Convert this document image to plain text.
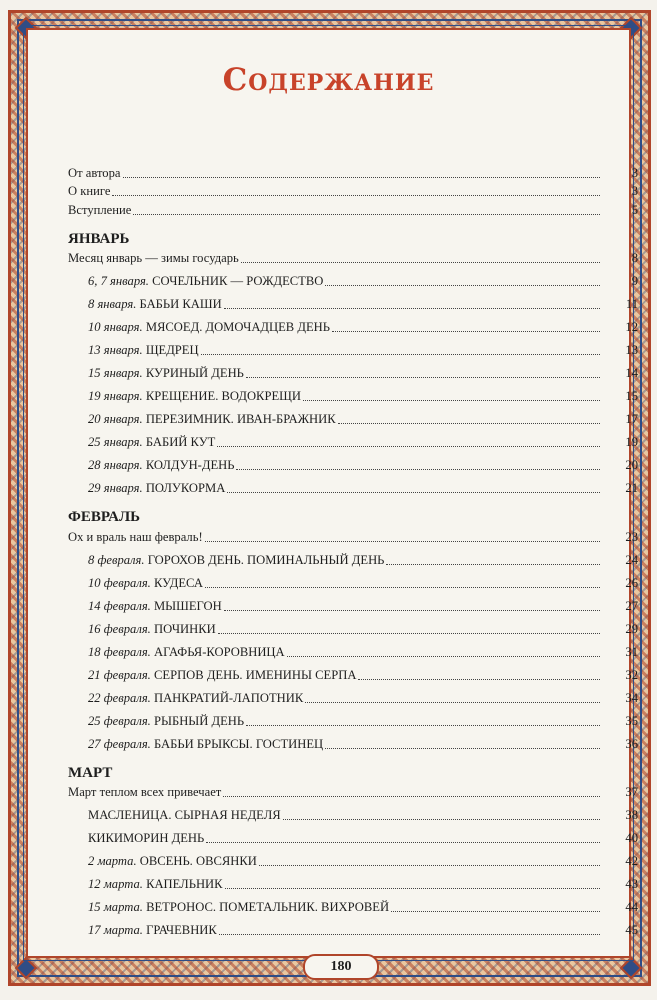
Содержание
От автора	3
О книге	3
Вступление	5
ЯНВАРЬ
Месяц январь — зимы государь	8
6, 7 января. СОЧЕЛЬНИК — РОЖДЕСТВО	9
8 января. БАБЬИ КАШИ	11
10 января. МЯСОЕД. ДОМОЧАДЦЕВ ДЕНЬ	12
13 января. ЩЕДРЕЦ	13
15 января. КУРИНЫЙ ДЕНЬ	14
19 января. КРЕЩЕНИЕ. ВОДОКРЕЩИ	15
20 января. ПЕРЕЗИМНИК. ИВАН-БРАЖНИК	17
25 января. БАБИЙ КУТ	19
28 января. КОЛДУН-ДЕНЬ	20
29 января. ПОЛУКОРМА	21
ФЕВРАЛЬ
Ох и враль наш февраль!	23
8 февраля. ГОРОХОВ ДЕНЬ. ПОМИНАЛЬНЫЙ ДЕНЬ	24
10 февраля. КУДЕСА	26
14 февраля. МЫШЕГОН	27
16 февраля. ПОЧИНКИ	29
18 февраля. АГАФЬЯ-КОРОВНИЦА	31
21 февраля. СЕРПОВ ДЕНЬ. ИМЕНИНЫ СЕРПА	32
22 февраля. ПАНКРАТИЙ-ЛАПОТНИК	34
25 февраля. РЫБНЫЙ ДЕНЬ	35
27 февраля. БАБЬИ БРЫКСЫ. ГОСТИНЕЦ	36
МАРТ
Март теплом всех привечает	37
МАСЛЕНИЦА. СЫРНАЯ НЕДЕЛЯ	38
КИКИМОРИН ДЕНЬ	40
2 марта. ОВСЕНЬ. ОВСЯНКИ	42
12 марта. КАПЕЛЬНИК	43
15 марта. ВЕТРОНОС. ПОМЕТАЛЬНИК. ВИХРОВЕЙ	44
17 марта. ГРАЧЕВНИК	45
180
